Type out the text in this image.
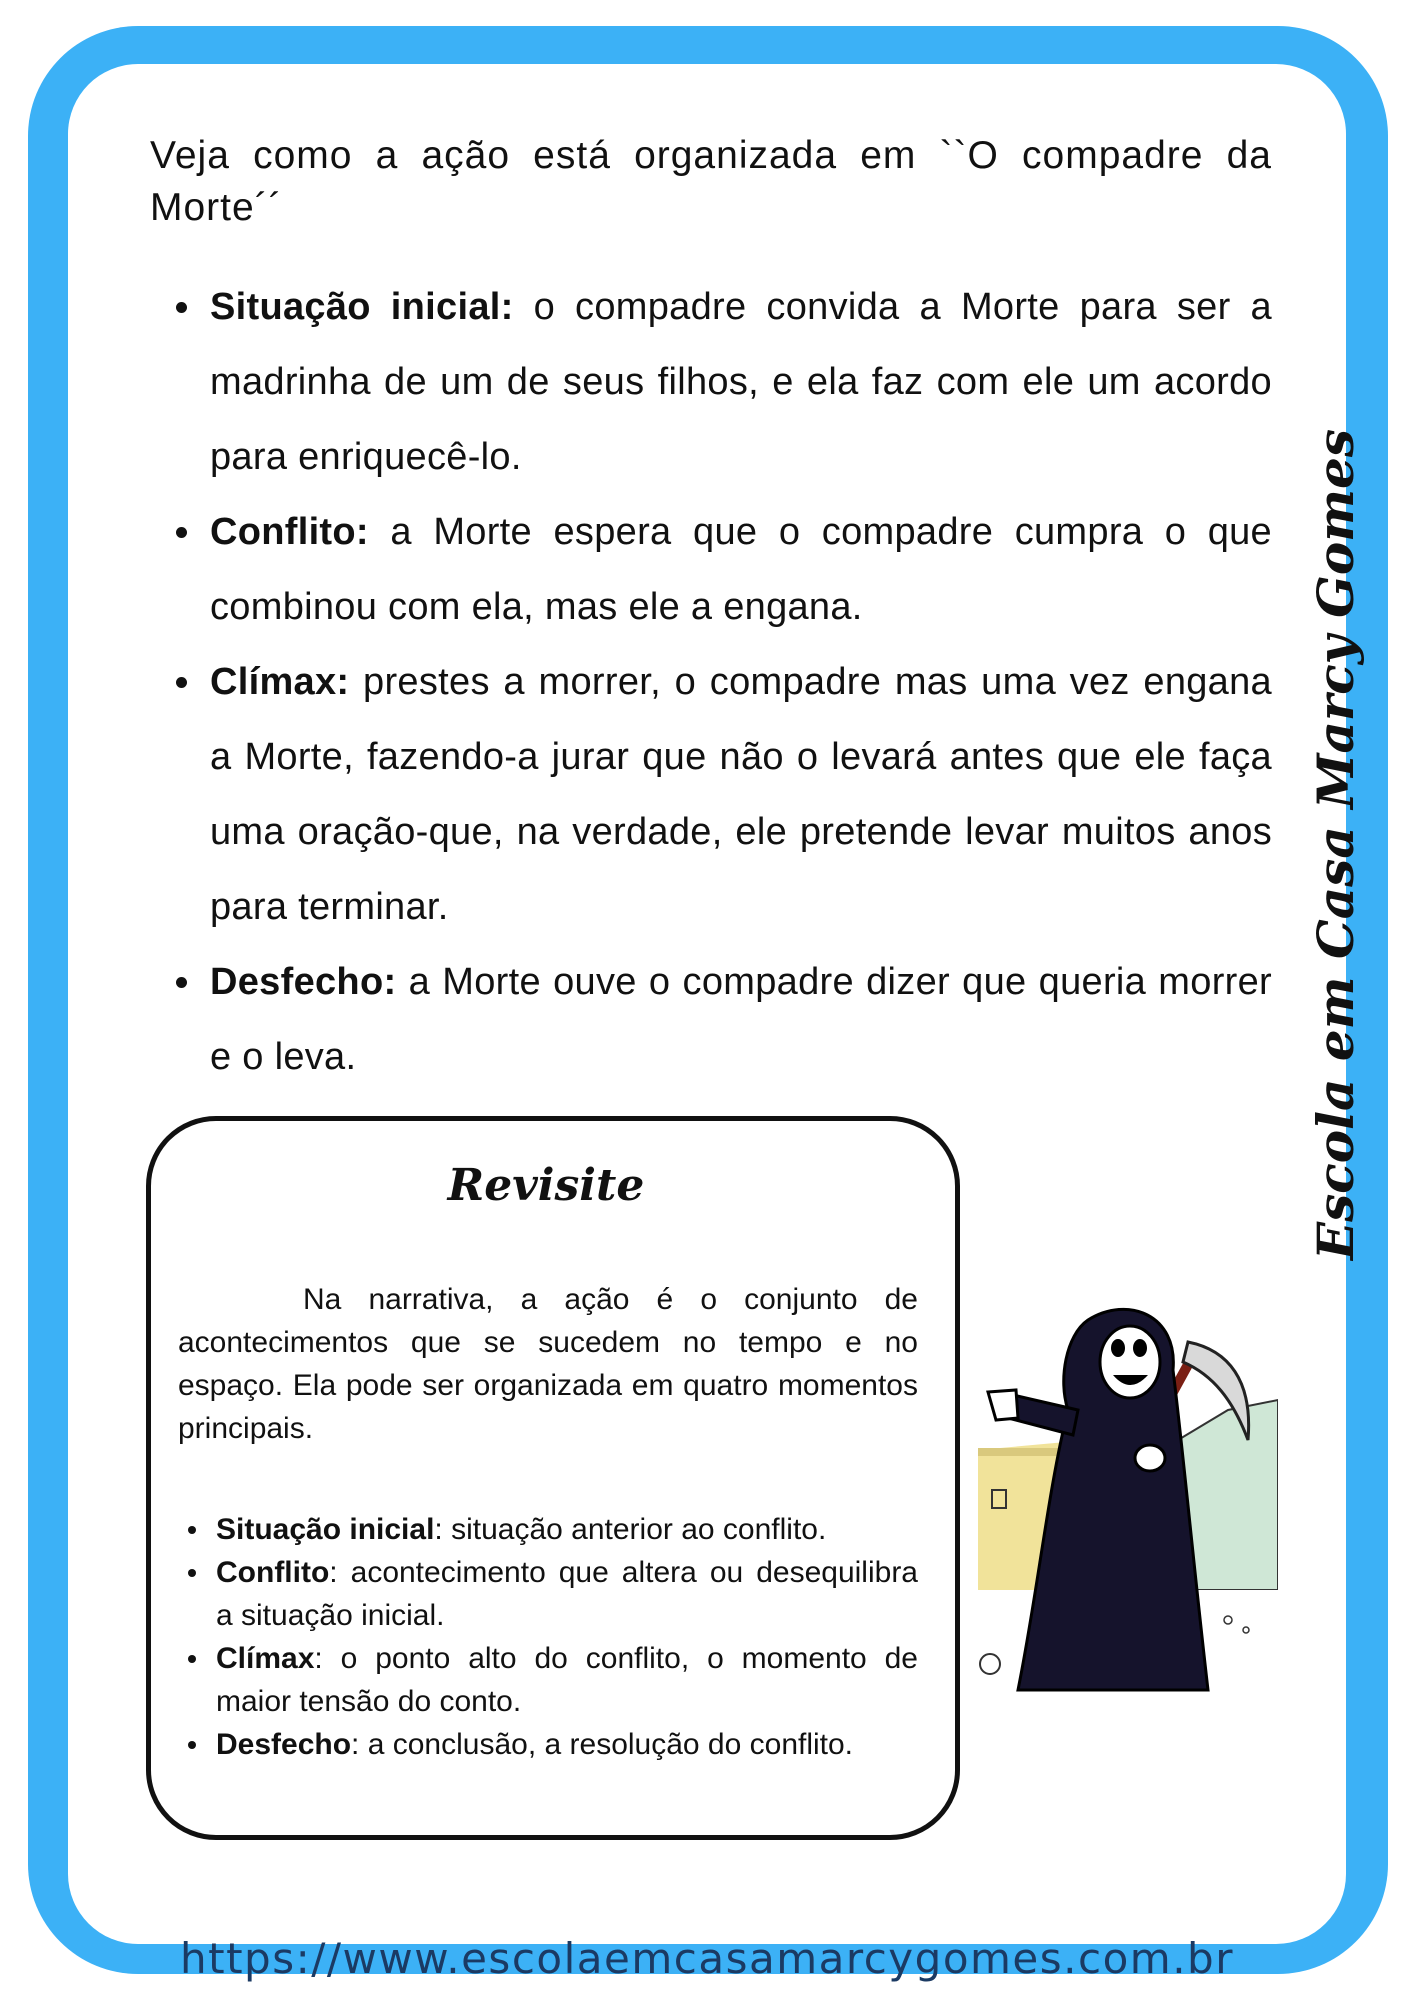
Veja como a ação está organizada em ``O compadre da Morte´´

Situação inicial: o compadre convida a Morte para ser a madrinha de um de seus filhos, e ela faz com ele um acordo para enriquecê-lo.
Conflito: a Morte espera que o compadre cumpra o que combinou com ela, mas ele a engana.
Clímax: prestes a morrer, o compadre mas uma vez engana a Morte, fazendo-a jurar que não o levará antes que ele faça uma oração-que, na verdade, ele pretende levar muitos anos para terminar.
Desfecho: a Morte ouve o compadre dizer que queria morrer e o leva.
Revisite

Na narrativa, a ação é o conjunto de acontecimentos que se sucedem no tempo e no espaço. Ela pode ser organizada em quatro momentos principais.

Situação inicial: situação anterior ao conflito.
Conflito: acontecimento que altera ou desequilibra a situação inicial.
Clímax: o ponto alto do conflito, o momento de maior tensão do conto.
Desfecho: a conclusão, a resolução do conflito.
Escola em Casa Marcy Gomes
https://www.escolaemcasamarcygomes.com.br
